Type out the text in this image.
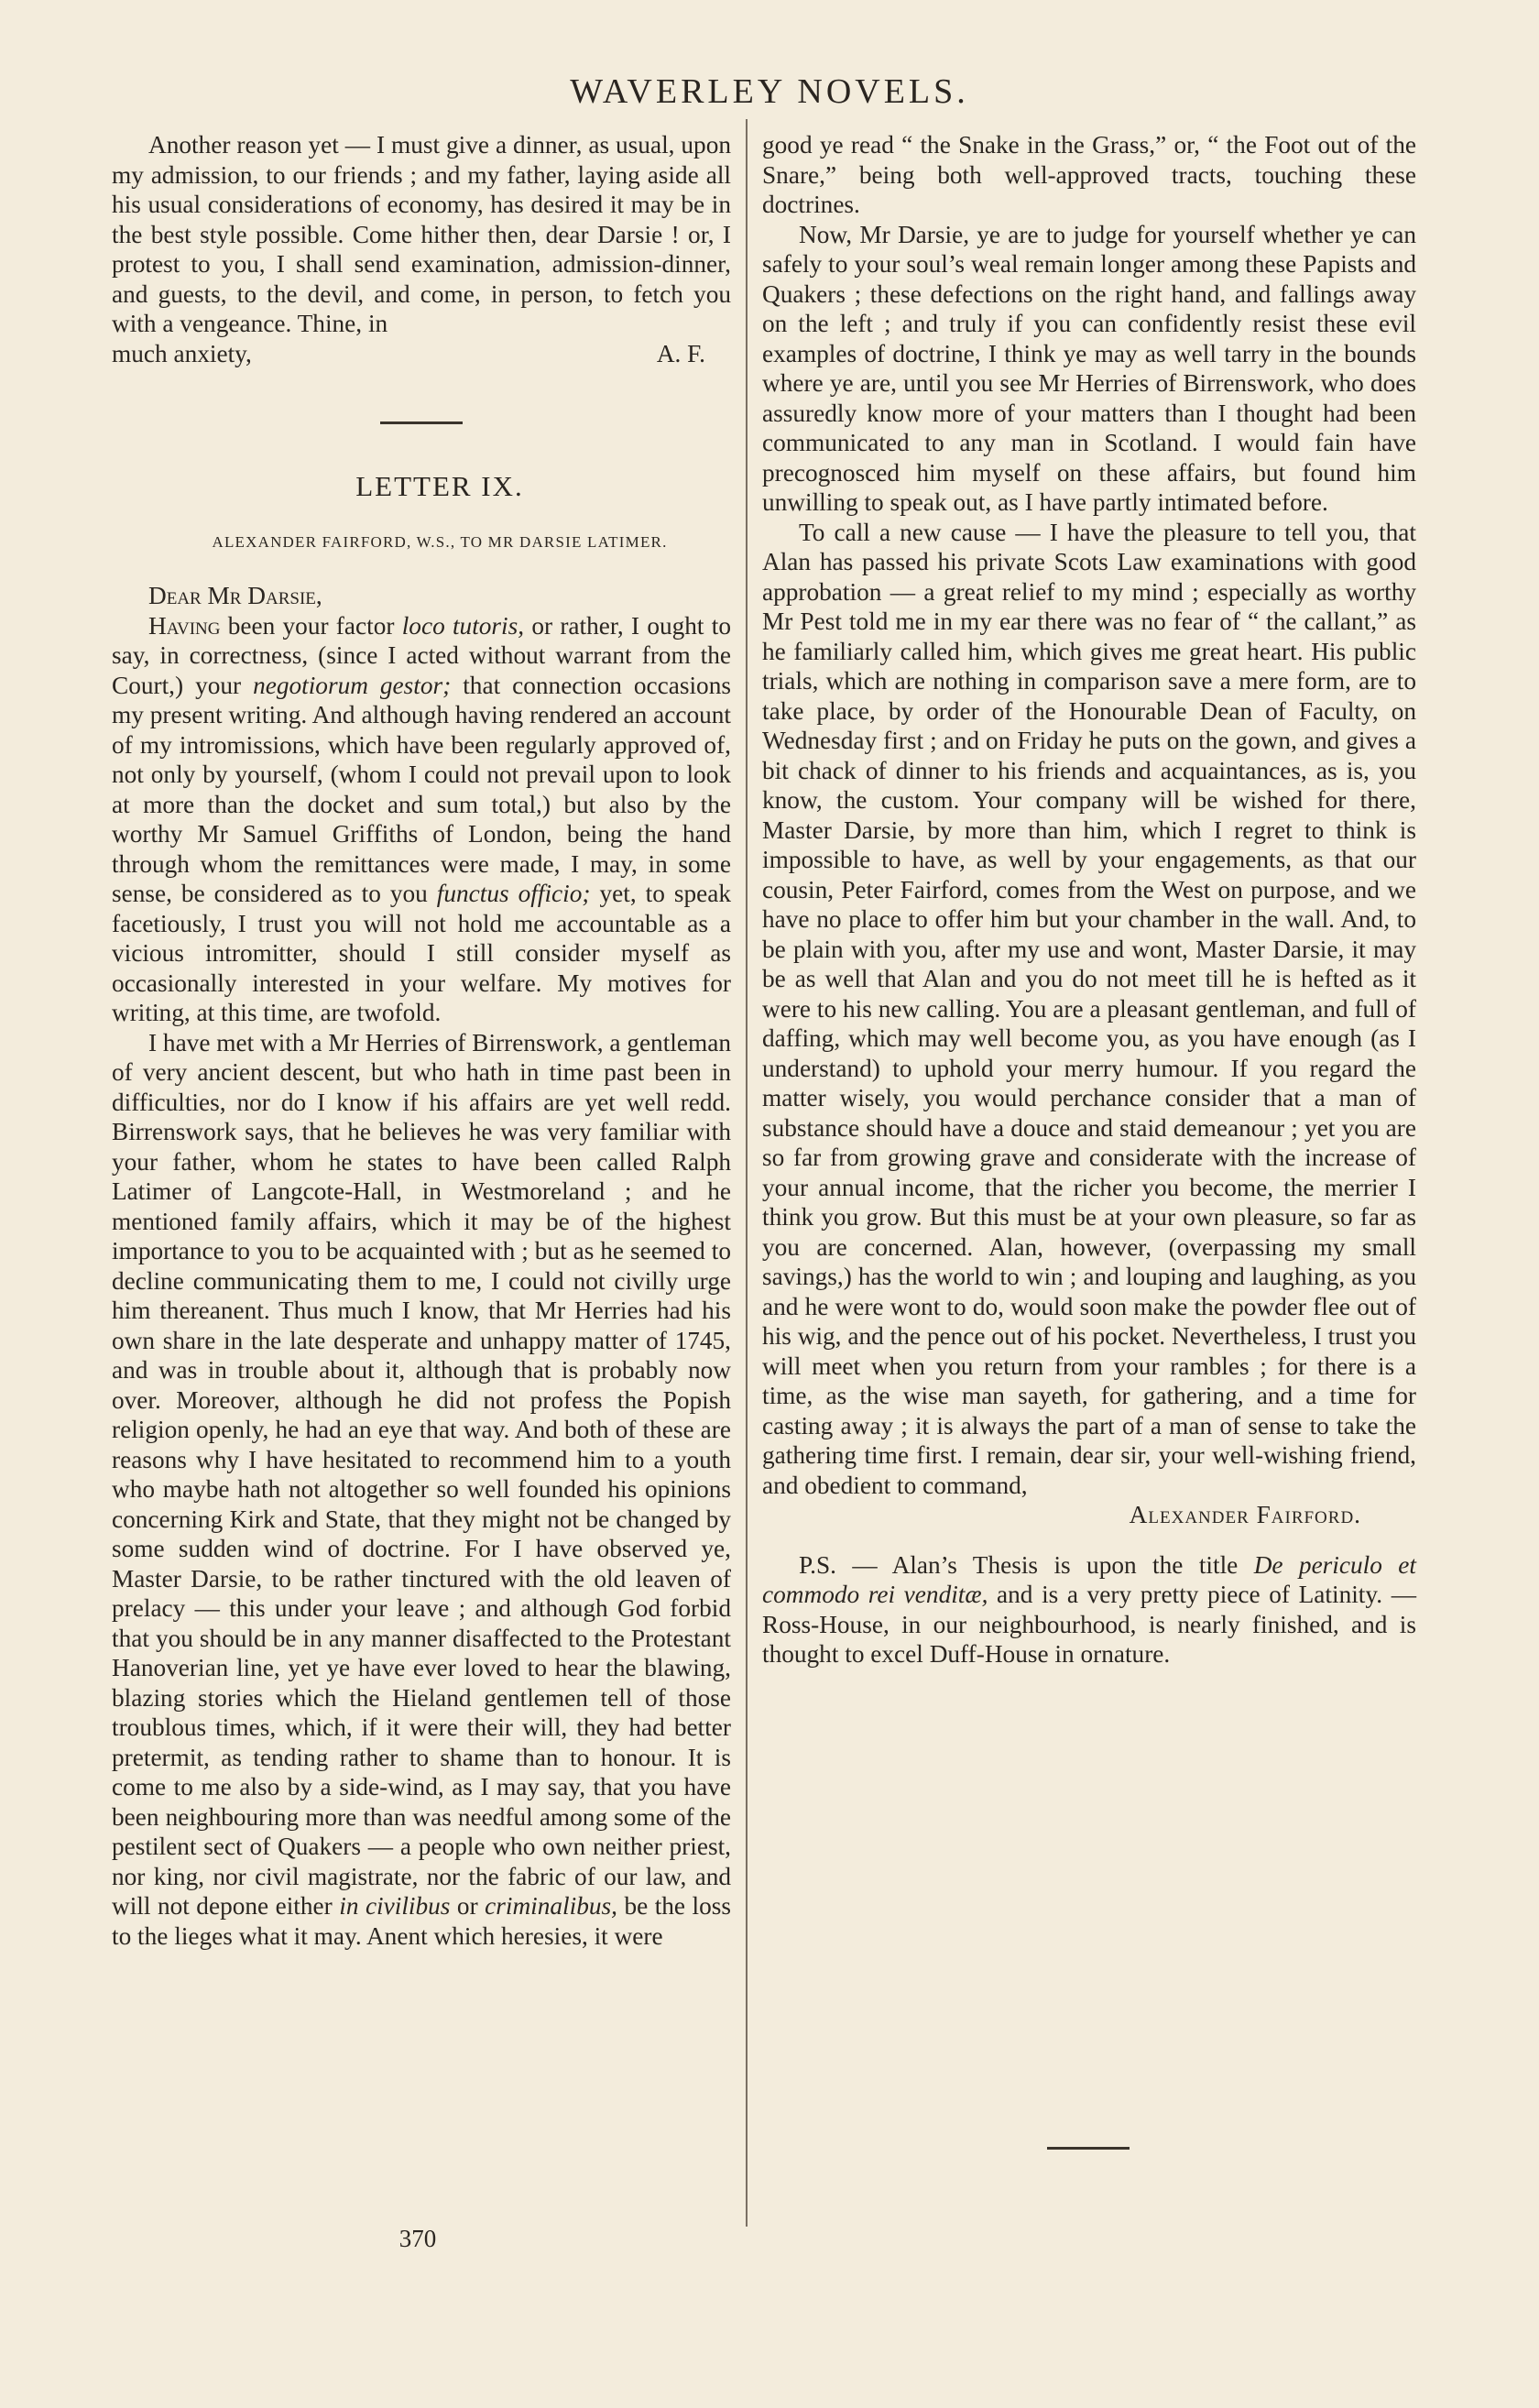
WAVERLEY NOVELS.

Another reason yet — I must give a dinner, as usual, upon my admission, to our friends ; and my father, laying aside all his usual considerations of economy, has desired it may be in the best style possible. Come hither then, dear Darsie ! or, I protest to you, I shall send examination, admission-dinner, and guests, to the devil, and come, in person, to fetch you with a vengeance. Thine, in

much anxiety,	A. F.

LETTER IX.

ALEXANDER FAIRFORD, W.S., TO MR DARSIE LATIMER.

Dear Mr Darsie,

Having been your factor loco tutoris, or rather, I ought to say, in correctness, (since I acted without warrant from the Court,) your negotiorum gestor; that connection occasions my present writing. And although having rendered an account of my intromissions, which have been regularly approved of, not only by yourself, (whom I could not prevail upon to look at more than the docket and sum total,) but also by the worthy Mr Samuel Griffiths of London, being the hand through whom the remittances were made, I may, in some sense, be considered as to you functus officio; yet, to speak facetiously, I trust you will not hold me accountable as a vicious intromitter, should I still consider myself as occasionally interested in your welfare. My motives for writing, at this time, are twofold.

I have met with a Mr Herries of Birrenswork, a gentleman of very ancient descent, but who hath in time past been in difficulties, nor do I know if his affairs are yet well redd. Birrenswork says, that he believes he was very familiar with your father, whom he states to have been called Ralph Latimer of Langcote-Hall, in Westmoreland ; and he mentioned family affairs, which it may be of the highest importance to you to be acquainted with ; but as he seemed to decline communicating them to me, I could not civilly urge him thereanent. Thus much I know, that Mr Herries had his own share in the late desperate and unhappy matter of 1745, and was in trouble about it, although that is probably now over. Moreover, although he did not profess the Popish religion openly, he had an eye that way. And both of these are reasons why I have hesitated to recommend him to a youth who maybe hath not altogether so well founded his opinions concerning Kirk and State, that they might not be changed by some sudden wind of doctrine. For I have observed ye, Master Darsie, to be rather tinctured with the old leaven of prelacy — this under your leave ; and although God forbid that you should be in any manner disaffected to the Protestant Hanoverian line, yet ye have ever loved to hear the blawing, blazing stories which the Hieland gentlemen tell of those troublous times, which, if it were their will, they had better pretermit, as tending rather to shame than to honour. It is come to me also by a side-wind, as I may say, that you have been neighbouring more than was needful among some of the pestilent sect of Quakers — a people who own neither priest, nor king, nor civil magistrate, nor the fabric of our law, and will not depone either in civilibus or criminalibus, be the loss to the lieges what it may. Anent which heresies, it were

good ye read “ the Snake in the Grass,” or, “ the Foot out of the Snare,” being both well-approved tracts, touching these doctrines.

Now, Mr Darsie, ye are to judge for yourself whether ye can safely to your soul’s weal remain longer among these Papists and Quakers ; these defections on the right hand, and fallings away on the left ; and truly if you can confidently resist these evil examples of doctrine, I think ye may as well tarry in the bounds where ye are, until you see Mr Herries of Birrenswork, who does assuredly know more of your matters than I thought had been communicated to any man in Scotland. I would fain have precognosced him myself on these affairs, but found him unwilling to speak out, as I have partly intimated before.

To call a new cause — I have the pleasure to tell you, that Alan has passed his private Scots Law examinations with good approbation — a great relief to my mind ; especially as worthy Mr Pest told me in my ear there was no fear of “ the callant,” as he familiarly called him, which gives me great heart. His public trials, which are nothing in comparison save a mere form, are to take place, by order of the Honourable Dean of Faculty, on Wednesday first ; and on Friday he puts on the gown, and gives a bit chack of dinner to his friends and acquaintances, as is, you know, the custom. Your company will be wished for there, Master Darsie, by more than him, which I regret to think is impossible to have, as well by your engagements, as that our cousin, Peter Fairford, comes from the West on purpose, and we have no place to offer him but your chamber in the wall. And, to be plain with you, after my use and wont, Master Darsie, it may be as well that Alan and you do not meet till he is hefted as it were to his new calling. You are a pleasant gentleman, and full of daffing, which may well become you, as you have enough (as I understand) to uphold your merry humour. If you regard the matter wisely, you would perchance consider that a man of substance should have a douce and staid demeanour ; yet you are so far from growing grave and considerate with the increase of your annual income, that the richer you become, the merrier I think you grow. But this must be at your own pleasure, so far as you are concerned. Alan, however, (overpassing my small savings,) has the world to win ; and louping and laughing, as you and he were wont to do, would soon make the powder flee out of his wig, and the pence out of his pocket. Nevertheless, I trust you will meet when you return from your rambles ; for there is a time, as the wise man sayeth, for gathering, and a time for casting away ; it is always the part of a man of sense to take the gathering time first. I remain, dear sir, your well-wishing friend, and obedient to command,

Alexander Fairford.

P.S. — Alan’s Thesis is upon the title De periculo et commodo rei venditæ, and is a very pretty piece of Latinity. — Ross-House, in our neighbourhood, is nearly finished, and is thought to excel Duff-House in ornature.

370
